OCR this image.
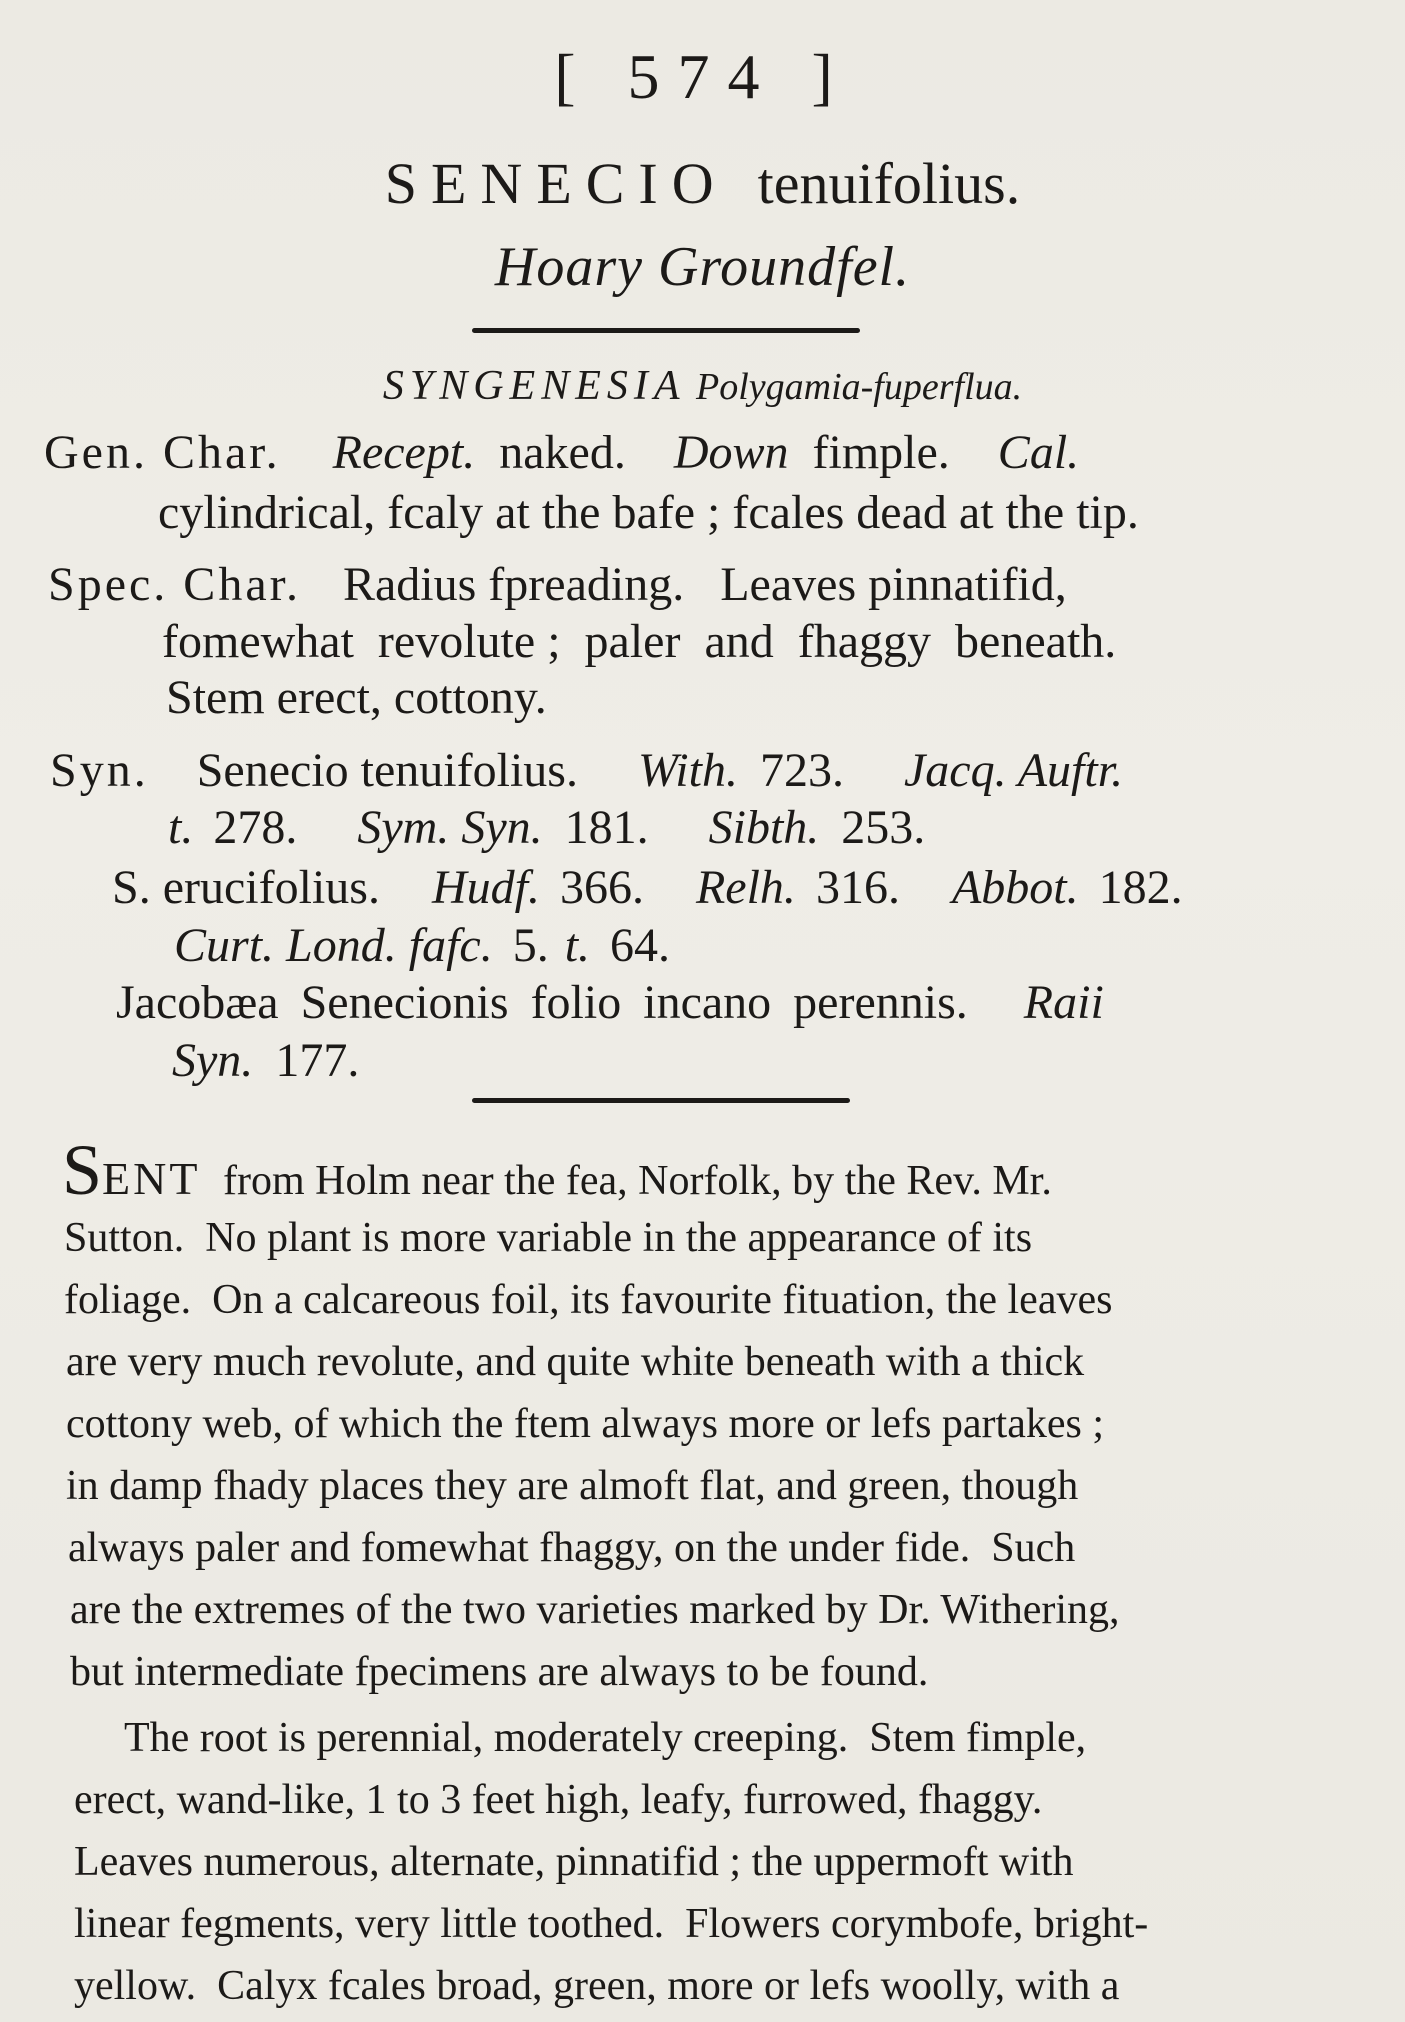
[ 574 ]
SENECIO tenuifolius.
Hoary Groundfel.
SYNGENESIA Polygamia-fuperflua.
Gen. Char. Recept. naked. Down fimple. Cal.
cylindrical, fcaly at the bafe ; fcales dead at the tip.
Spec. Char. Radius fpreading.   Leaves pinnatifid,
fomewhat  revolute ;  paler  and  fhaggy  beneath.
Stem erect, cottony.
Syn. Senecio tenuifolius. With. 723. Jacq. Auftr.
t. 278. Sym. Syn. 181. Sibth. 253.
S. erucifolius. Hudf. 366. Relh. 316. Abbot. 182.
Curt. Lond. fafc. 5. t. 64.
Jacobæa Senecionis folio incano perennis. Raii
Syn. 177.
SENT from Holm near the fea, Norfolk, by the Rev. Mr.
Sutton.  No plant is more variable in the appearance of its
foliage.  On a calcareous foil, its favourite fituation, the leaves
are very much revolute, and quite white beneath with a thick
cottony web, of which the ftem always more or lefs partakes ;
in damp fhady places they are almoft flat, and green, though
always paler and fomewhat fhaggy, on the under fide.  Such
are the extremes of the two varieties marked by Dr. Withering,
but intermediate fpecimens are always to be found.
The root is perennial, moderately creeping.  Stem fimple,
erect, wand-like, 1 to 3 feet high, leafy, furrowed, fhaggy.
Leaves numerous, alternate, pinnatifid ; the uppermoft with
linear fegments, very little toothed.  Flowers corymbofe, bright-
yellow.  Calyx fcales broad, green, more or lefs woolly, with a
